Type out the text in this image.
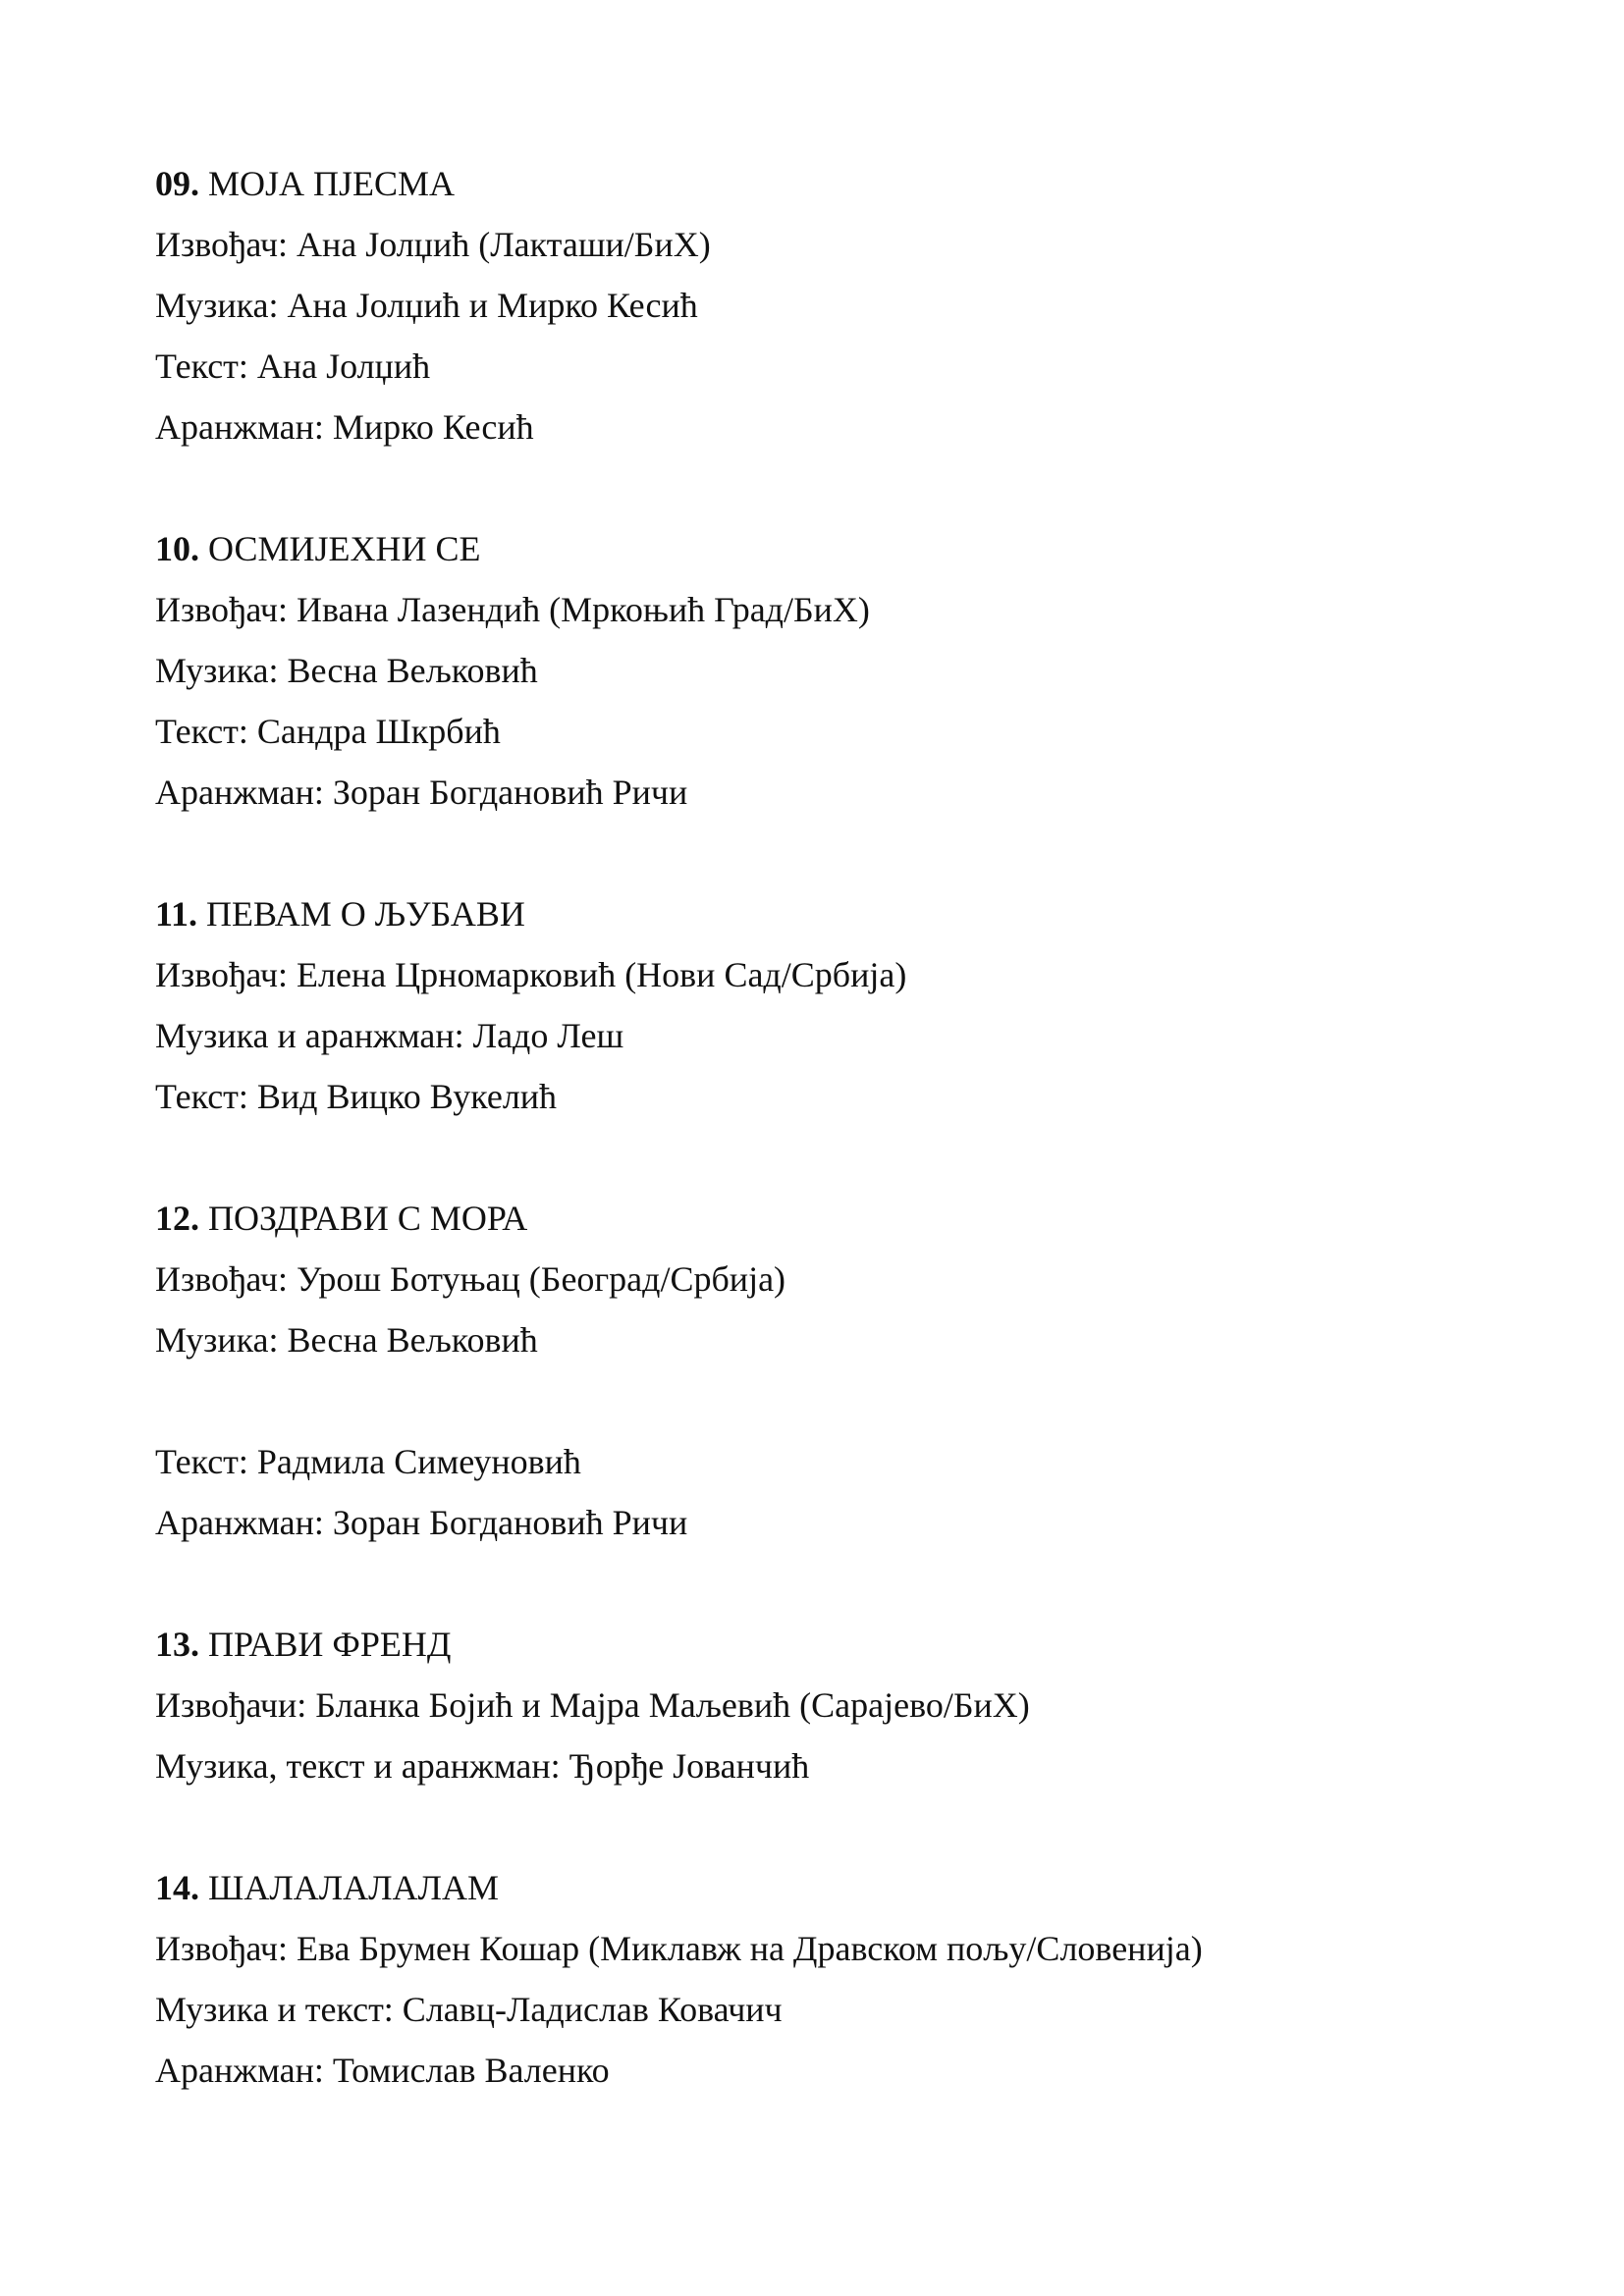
09. МОЈА ПЈЕСМА
Извођач: Ана Јолџић (Лакташи/БиХ)
Музика: Ана Јолџић и Мирко Кесић
Текст: Ана Јолџић
Аранжман: Мирко Кесић
10. ОСМИЈЕХНИ СЕ
Извођач: Ивана Лазендић (Мркоњић Град/БиХ)
Музика: Весна Вељковић
Текст: Сандра Шкрбић
Аранжман: Зоран Богдановић Ричи
11. ПЕВАМ О ЉУБАВИ
Извођач: Елена Црномарковић (Нови Сад/Србија)
Музика и аранжман: Ладо Леш
Текст: Вид Вицко Вукелић
12. ПОЗДРАВИ С МОРА
Извођач: Урош Ботуњац (Београд/Србија)
Музика: Весна Вељковић
Текст: Радмила Симеуновић
Аранжман: Зоран Богдановић Ричи
13. ПРАВИ ФРЕНД
Извођачи: Бланка Бојић и Мајра Маљевић (Сарајево/БиХ)
Музика, текст и аранжман: Ђорђе Јованчић
14. ШАЛАЛАЛАЛАМ
Извођач: Ева Брумен Кошар (Миклавж на Дравском пољу/Словенија)
Музика и текст: Славц-Ладислав Ковачич
Аранжман: Томислав Валенко
